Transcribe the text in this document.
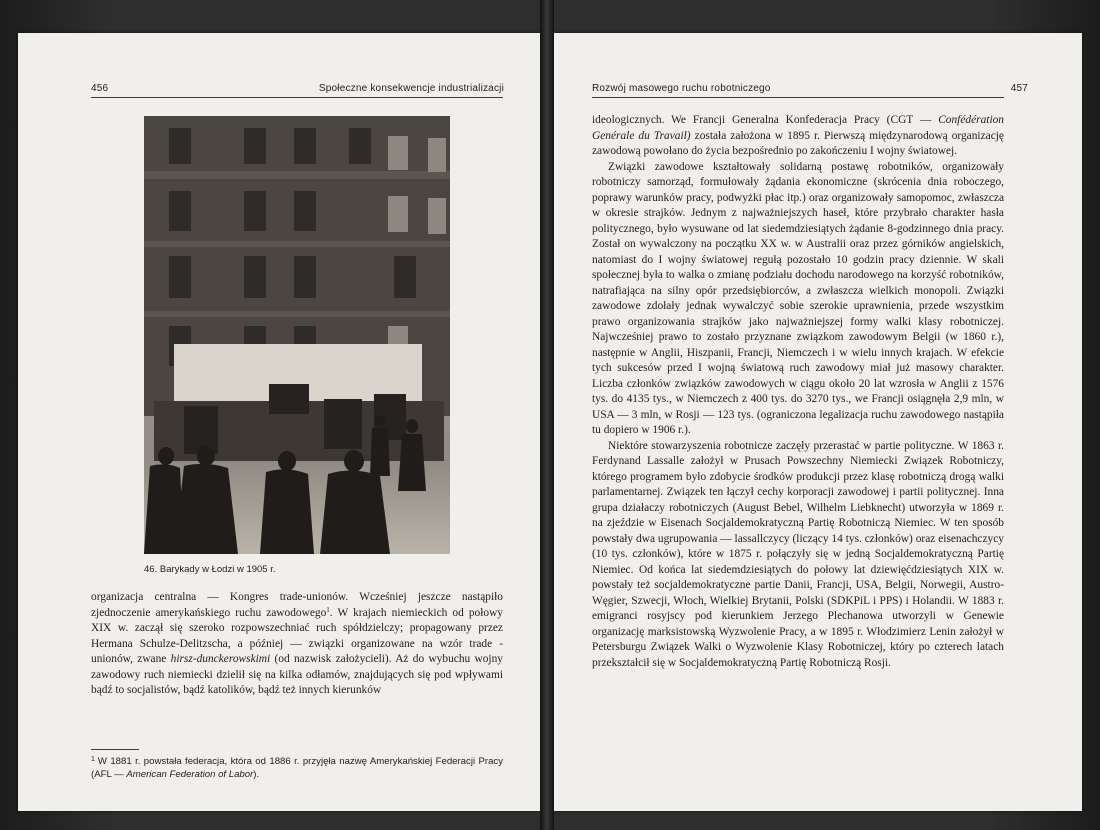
456	Społeczne konsekwencje industrializacji
46. Barykady w Łodzi w 1905 r.

organizacja centralna — Kongres trade-unionów. Wcześniej jeszcze nastąpiło zjednoczenie amerykańskiego ruchu zawodowego$^1$. W krajach niemieckich od połowy XIX w. zaczął się szeroko rozpowszechniać ruch spółdzielczy; propagowany przez Hermana Schulze-Delitzscha, a później — związki organizowane na wzór trade -unionów, zwane hirsz-dunckerowskimi (od nazwisk założycieli). Aż do wybuchu wojny zawodowy ruch niemiecki dzielił się na kilka odłamów, znajdujących się pod wpływami bądź to socjalistów, bądź katolików, bądź też innych kierunków

$^1$ W 1881 r. powstała federacja, która od 1886 r. przyjęła nazwę Amerykańskiej Federacji Pracy (AFL — American Federation of Labor).
Rozwój masowego ruchu robotniczego	457

ideologicznych. We Francji Generalna Konfederacja Pracy (CGT — Confédération Genérale du Travail) została założona w 1895 r. Pierwszą międzynarodową organizację zawodową powołano do życia bezpośrednio po zakończeniu I wojny światowej.

Związki zawodowe kształtowały solidarną postawę robotników, organizowały robotniczy samorząd, formułowały żądania ekonomiczne (skrócenia dnia roboczego, poprawy warunków pracy, podwyżki płac itp.) oraz organizowały samopomoc, zwłaszcza w okresie strajków. Jednym z najważniejszych haseł, które przybrało charakter hasła politycznego, było wysuwane od lat siedemdziesiątych żądanie 8-godzinnego dnia pracy. Został on wywalczony na początku XX w. w Australii oraz przez górników angielskich, natomiast do I wojny światowej regułą pozostało 10 godzin pracy dziennie. W skali społecznej była to walka o zmianę podziału dochodu narodowego na korzyść robotników, natrafiająca na silny opór przedsiębiorców, a zwłaszcza wielkich monopoli. Związki zawodowe zdołały jednak wywalczyć sobie szerokie uprawnienia, przede wszystkim prawo organizowania strajków jako najważniejszej formy walki klasy robotniczej. Najwcześniej prawo to zostało przyznane związkom zawodowym Belgii (w 1860 r.), następnie w Anglii, Hiszpanii, Francji, Niemczech i w wielu innych krajach. W efekcie tych sukcesów przed I wojną światową ruch zawodowy miał już masowy charakter. Liczba członków związków zawodowych w ciągu około 20 lat wzrosła w Anglii z 1576 tys. do 4135 tys., w Niemczech z 400 tys. do 3270 tys., we Francji osiągnęła 2,9 mln, w USA — 3 mln, w Rosji — 123 tys. (ograniczona legalizacja ruchu zawodowego nastąpiła tu dopiero w 1906 r.).

Niektóre stowarzyszenia robotnicze zaczęły przerastać w partie polityczne. W 1863 r. Ferdynand Lassalle założył w Prusach Powszechny Niemiecki Związek Robotniczy, którego programem było zdobycie środków produkcji przez klasę robotniczą drogą walki parlamentarnej. Związek ten łączył cechy korporacji zawodowej i partii politycznej. Inna grupa działaczy robotniczych (August Bebel, Wilhelm Liebknecht) utworzyła w 1869 r. na zjeździe w Eisenach Socjaldemokratyczną Partię Robotniczą Niemiec. W ten sposób powstały dwa ugrupowania — lassallczycy (liczący 14 tys. członków) oraz eisenachczycy (10 tys. członków), które w 1875 r. połączyły się w jedną Socjaldemokratyczną Partię Niemiec. Od końca lat siedemdziesiątych do połowy lat dziewięćdziesiątych XIX w. powstały też socjaldemokratyczne partie Danii, Francji, USA, Belgii, Norwegii, Austro-Węgier, Szwecji, Włoch, Wielkiej Brytanii, Polski (SDKPiL i PPS) i Holandii. W 1883 r. emigranci rosyjscy pod kierunkiem Jerzego Plechanowa utworzyli w Genewie organizację marksistowską Wyzwolenie Pracy, a w 1895 r. Włodzimierz Lenin założył w Petersburgu Związek Walki o Wyzwolenie Klasy Robotniczej, który po czterech latach przekształcił się w Socjaldemokratyczną Partię Robotniczą Rosji.
